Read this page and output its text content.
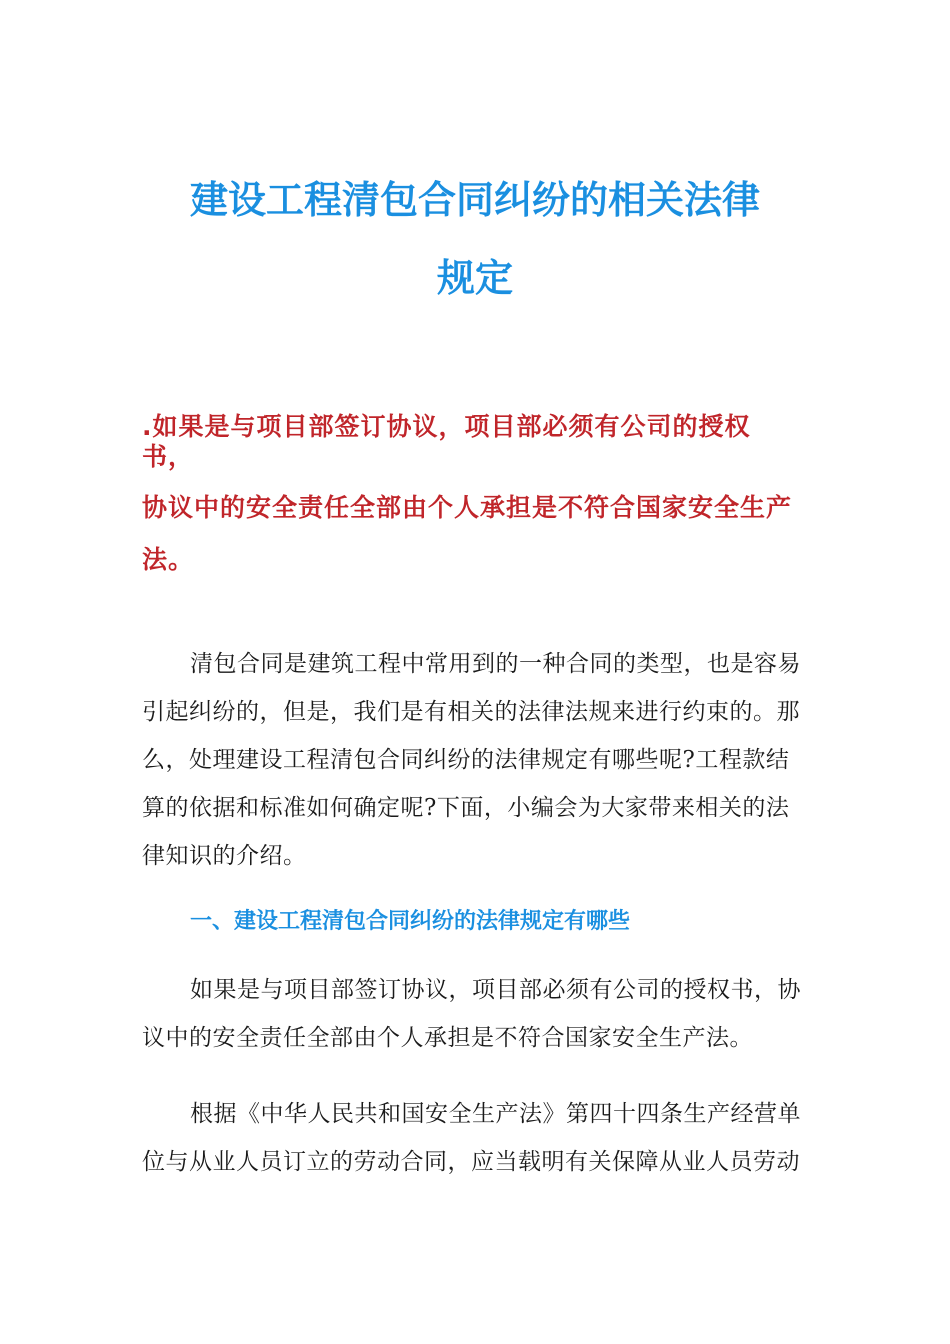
建设工程清包合同纠纷的相关法律
规定

.如果是与项目部签订协议，项目部必须有公司的授权

书，

协议中的安全责任全部由个人承担是不符合国家安全生产

法。

清包合同是建筑工程中常用到的一种合同的类型，也是容易
引起纠纷的，但是，我们是有相关的法律法规来进行约束的。那
么，处理建设工程清包合同纠纷的法律规定有哪些呢?工程款结
算的依据和标准如何确定呢?下面，小编会为大家带来相关的法
律知识的介绍。
一、建设工程清包合同纠纷的法律规定有哪些
如果是与项目部签订协议，项目部必须有公司的授权书，协
议中的安全责任全部由个人承担是不符合国家安全生产法。
根据《中华人民共和国安全生产法》第四十四条生产经营单
位与从业人员订立的劳动合同，应当载明有关保障从业人员劳动
